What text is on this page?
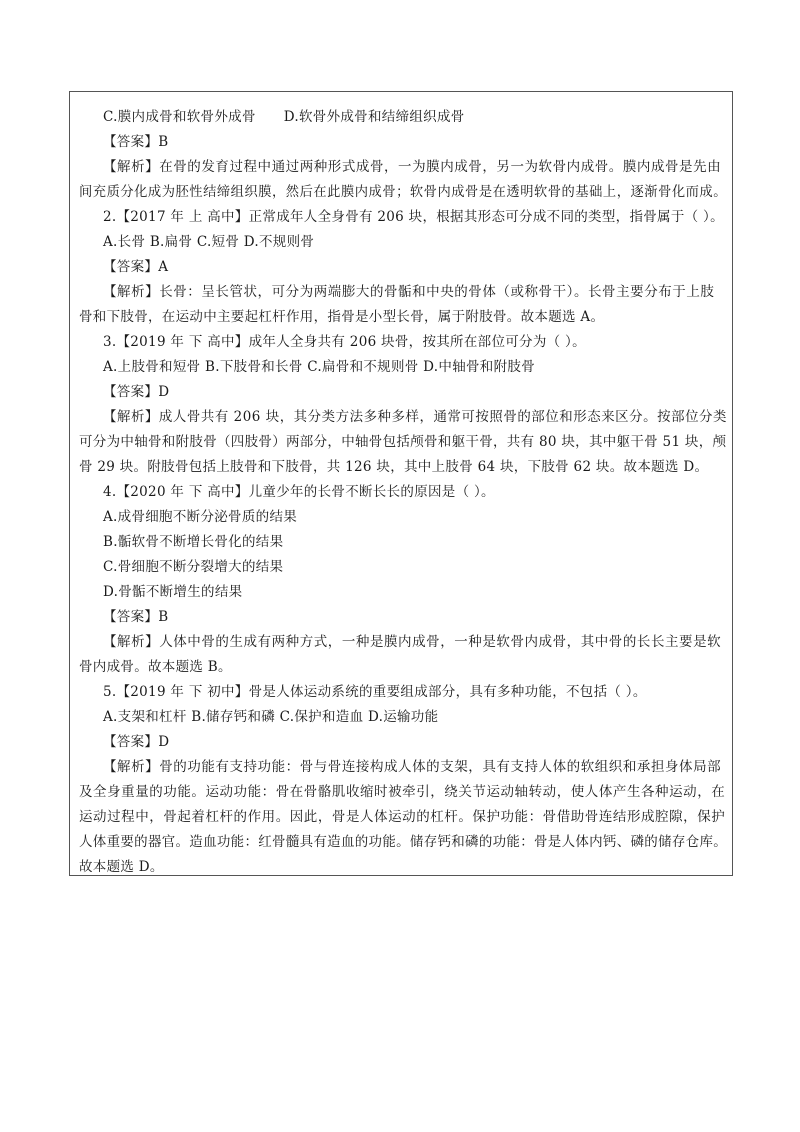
C.膜内成骨和软骨外成骨 D.软骨外成骨和结缔组织成骨
【答案】B
【解析】在骨的发育过程中通过两种形式成骨，一为膜内成骨，另一为软骨内成骨。膜内成骨是先由
间充质分化成为胚性结缔组织膜，然后在此膜内成骨；软骨内成骨是在透明软骨的基础上，逐渐骨化而成。
2.【2017 年 上 高中】正常成年人全身骨有 206 块，根据其形态可分成不同的类型，指骨属于（ ）。
A.长骨 B.扁骨 C.短骨 D.不规则骨
【答案】A
【解析】长骨：呈长管状，可分为两端膨大的骨骺和中央的骨体（或称骨干）。长骨主要分布于上肢
骨和下肢骨，在运动中主要起杠杆作用，指骨是小型长骨，属于附肢骨。故本题选 A。
3.【2019 年 下 高中】成年人全身共有 206 块骨，按其所在部位可分为（ ）。
A.上肢骨和短骨 B.下肢骨和长骨 C.扁骨和不规则骨 D.中轴骨和附肢骨
【答案】D
【解析】成人骨共有 206 块，其分类方法多种多样，通常可按照骨的部位和形态来区分。按部位分类
可分为中轴骨和附肢骨（四肢骨）两部分，中轴骨包括颅骨和躯干骨，共有 80 块，其中躯干骨 51 块，颅
骨 29 块。附肢骨包括上肢骨和下肢骨，共 126 块，其中上肢骨 64 块，下肢骨 62 块。故本题选 D。
4.【2020 年 下 高中】儿童少年的长骨不断长长的原因是（ ）。
A.成骨细胞不断分泌骨质的结果
B.骺软骨不断增长骨化的结果
C.骨细胞不断分裂增大的结果
D.骨骺不断增生的结果
【答案】B
【解析】人体中骨的生成有两种方式，一种是膜内成骨，一种是软骨内成骨，其中骨的长长主要是软
骨内成骨。故本题选 B。
5.【2019 年 下 初中】骨是人体运动系统的重要组成部分，具有多种功能，不包括（ ）。
A.支架和杠杆 B.储存钙和磷 C.保护和造血 D.运输功能
【答案】D
【解析】骨的功能有支持功能：骨与骨连接构成人体的支架，具有支持人体的软组织和承担身体局部
及全身重量的功能。运动功能：骨在骨骼肌收缩时被牵引，绕关节运动轴转动，使人体产生各种运动，在
运动过程中，骨起着杠杆的作用。因此，骨是人体运动的杠杆。保护功能：骨借助骨连结形成腔隙，保护
人体重要的器官。造血功能：红骨髓具有造血的功能。储存钙和磷的功能：骨是人体内钙、磷的储存仓库。
故本题选 D。
